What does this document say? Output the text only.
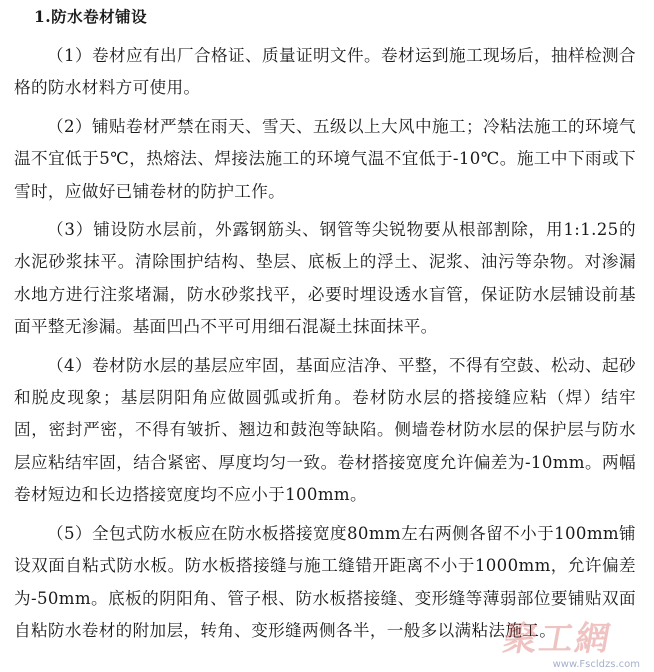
1.防水卷材铺设

（1）卷材应有出厂合格证、质量证明文件。卷材运到施工现场后，抽样检测合格的防水材料方可使用。

（2）铺贴卷材严禁在雨天、雪天、五级以上大风中施工；冷粘法施工的环境气温不宜低于5℃，热熔法、焊接法施工的环境气温不宜低于-10℃。施工中下雨或下雪时，应做好已铺卷材的防护工作。

（3）铺设防水层前，外露钢筋头、钢管等尖锐物要从根部割除，用1:1.25的水泥砂浆抹平。清除围护结构、垫层、底板上的浮土、泥浆、油污等杂物。对渗漏水地方进行注浆堵漏，防水砂浆找平，必要时埋设透水盲管，保证防水层铺设前基面平整无渗漏。基面凹凸不平可用细石混凝土抹面抹平。

（4）卷材防水层的基层应牢固，基面应洁净、平整，不得有空鼓、松动、起砂和脱皮现象；基层阴阳角应做圆弧或折角。卷材防水层的搭接缝应粘（焊）结牢固，密封严密，不得有皱折、翘边和鼓泡等缺陷。侧墙卷材防水层的保护层与防水层应粘结牢固，结合紧密、厚度均匀一致。卷材搭接宽度允许偏差为-10mm。两幅卷材短边和长边搭接宽度均不应小于100mm。

（5）全包式防水板应在防水板搭接宽度80mm左右两侧各留不小于100mm铺设双面自粘式防水板。防水板搭接缝与施工缝错开距离不小于1000mm，允许偏差为-50mm。底板的阴阳角、管子根、防水板搭接缝、变形缝等薄弱部位要铺贴双面自粘防水卷材的附加层，转角、变形缝两侧各半，一般多以满粘法施工。

聚工網
www.Fscldzs.com
